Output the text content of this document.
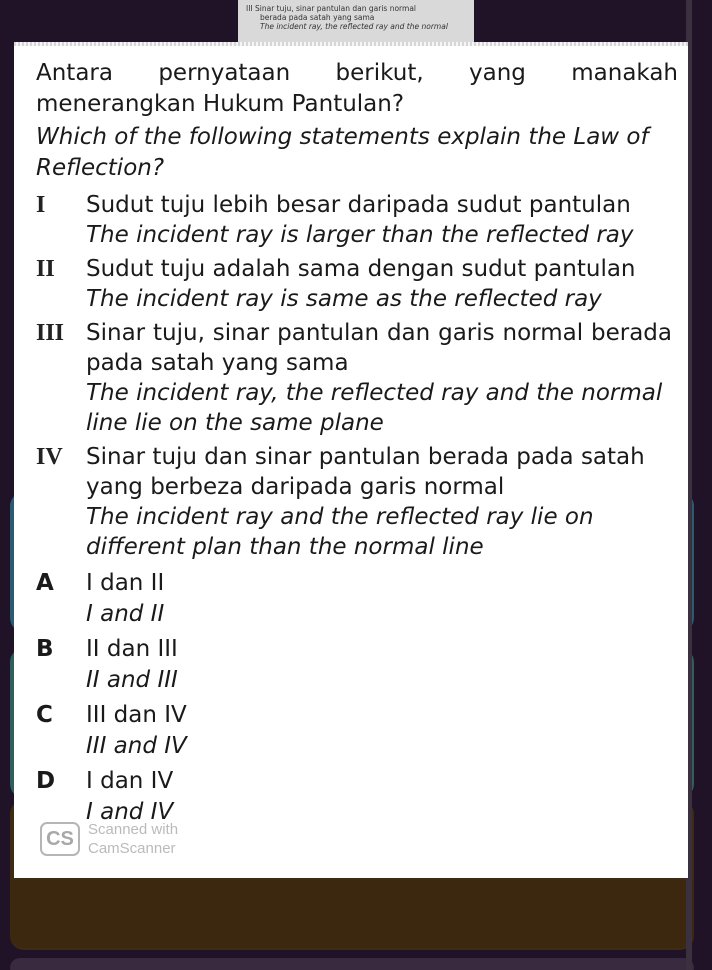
III Sinar tuju, sinar pantulan dan garis normal
berada pada satah yang sama
The incident ray, the reflected ray and the normal
Antara pernyataan berikut, yang manakah menerangkan Hukum Pantulan?
Which of the following statements explain the Law of Reflection?
I	Sudut tuju lebih besar daripada sudut pantulan
The incident ray is larger than the reflected ray
II	Sudut tuju adalah sama dengan sudut pantulan
The incident ray is same as the reflected ray
III Sinar tuju, sinar pantulan dan garis normal berada pada satah yang sama
The incident ray, the reflected ray and the normal line lie on the same plane
IV	Sinar tuju dan sinar pantulan berada pada satah yang berbeza daripada garis normal
The incident ray and the reflected ray lie on different plan than the normal line
A	I dan II
I and II
B	II dan III
II and III
C	III dan IV
III and IV
D	I dan IV
I and IV
CS Scanned with
CamScanner
